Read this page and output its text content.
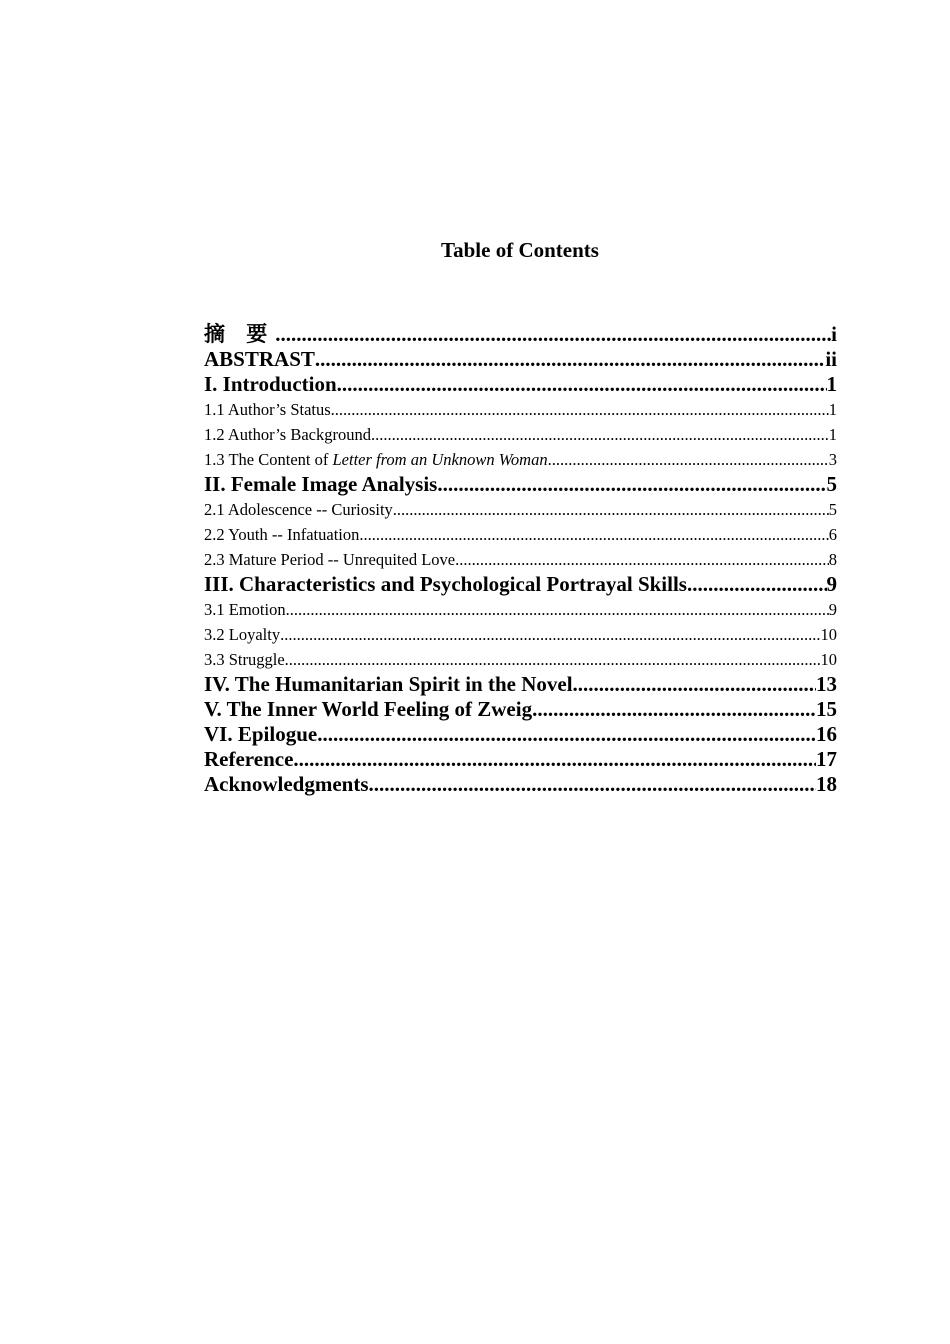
Table of Contents
摘 要 .....	i
ABSTRAST .....	ii
I. Introduction .....	1
1.1 Author’s Status .....	1
1.2 Author’s Background .....	1
1.3 The Content of Letter from an Unknown Woman .....	3
II. Female Image Analysis .....	5
2.1 Adolescence -- Curiosity .....	5
2.2 Youth -- Infatuation .....	6
2.3 Mature Period -- Unrequited Love .....	8
III. Characteristics and Psychological Portrayal Skills .....	9
3.1 Emotion .....	9
3.2 Loyalty .....	10
3.3 Struggle .....	10
IV. The Humanitarian Spirit in the Novel .....	13
V. The Inner World Feeling of Zweig .....	15
VI. Epilogue .....	16
Reference .....	17
Acknowledgments .....	18
